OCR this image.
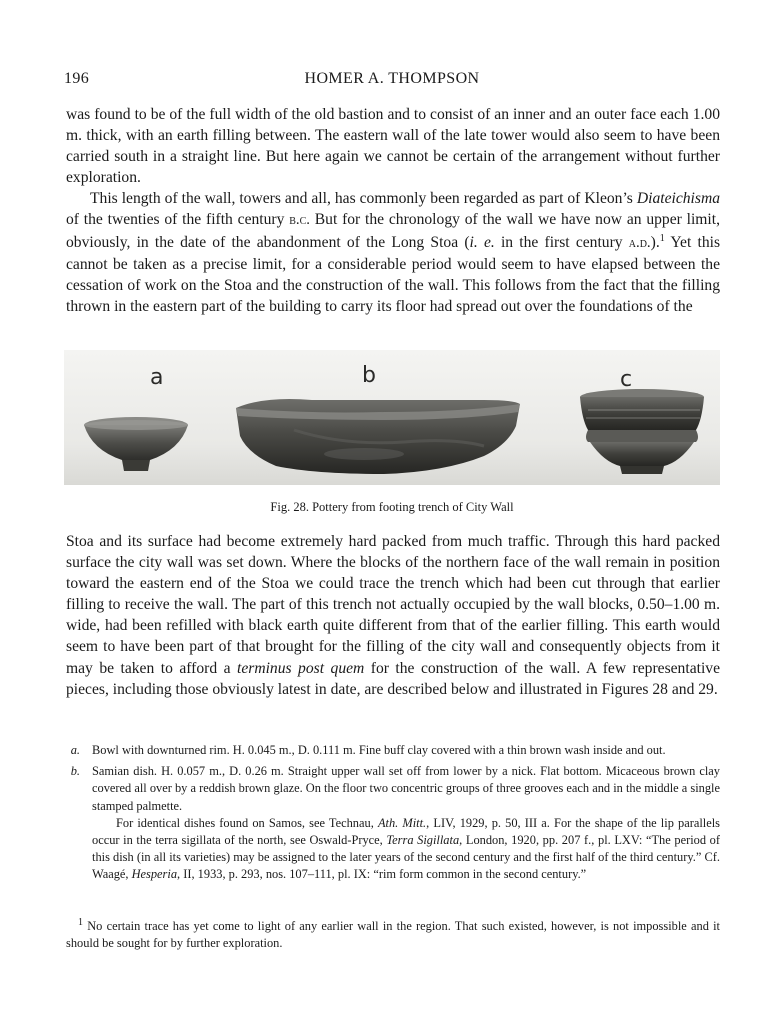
196	HOMER A. THOMPSON

was found to be of the full width of the old bastion and to consist of an inner and an outer face each 1.00 m. thick, with an earth filling between. The eastern wall of the late tower would also seem to have been carried south in a straight line. But here again we cannot be certain of the arrangement without further exploration.

This length of the wall, towers and all, has commonly been regarded as part of Kleon’s Diateichisma of the twenties of the fifth century b.c. But for the chronology of the wall we have now an upper limit, obviously, in the date of the abandonment of the Long Stoa (i. e. in the first century a.d.).$^1$ Yet this cannot be taken as a precise limit, for a considerable period would seem to have elapsed between the cessation of work on the Stoa and the construction of the wall. This follows from the fact that the filling thrown in the eastern part of the building to carry its floor had spread out over the foundations of the

a	b	c
Fig. 28. Pottery from footing trench of City Wall

Stoa and its surface had become extremely hard packed from much traffic. Through this hard packed surface the city wall was set down. Where the blocks of the northern face of the wall remain in position toward the eastern end of the Stoa we could trace the trench which had been cut through that earlier filling to receive the wall. The part of this trench not actually occupied by the wall blocks, 0.50–1.00 m. wide, had been refilled with black earth quite different from that of the earlier filling. This earth would seem to have been part of that brought for the filling of the city wall and consequently objects from it may be taken to afford a terminus post quem for the construction of the wall. A few representative pieces, including those obviously latest in date, are described below and illustrated in Figures 28 and 29.

a. Bowl with downturned rim. H. 0.045 m., D. 0.111 m. Fine buff clay covered with a thin brown wash inside and out.
b. Samian dish. H. 0.057 m., D. 0.26 m. Straight upper wall set off from lower by a nick. Flat bottom. Micaceous brown clay covered all over by a reddish brown glaze. On the floor two concentric groups of three grooves each and in the middle a single stamped palmette.

For identical dishes found on Samos, see Technau, Ath. Mitt., LIV, 1929, p. 50, III a. For the shape of the lip parallels occur in the terra sigillata of the north, see Oswald-Pryce, Terra Sigillata, London, 1920, pp. 207 f., pl. LXV: “The period of this dish (in all its varieties) may be assigned to the later years of the second century and the first half of the third century.” Cf. Waagé, Hesperia, II, 1933, p. 293, nos. 107–111, pl. IX: “rim form common in the second century.”

$^1$ No certain trace has yet come to light of any earlier wall in the region. That such existed, however, is not impossible and it should be sought for by further exploration.
